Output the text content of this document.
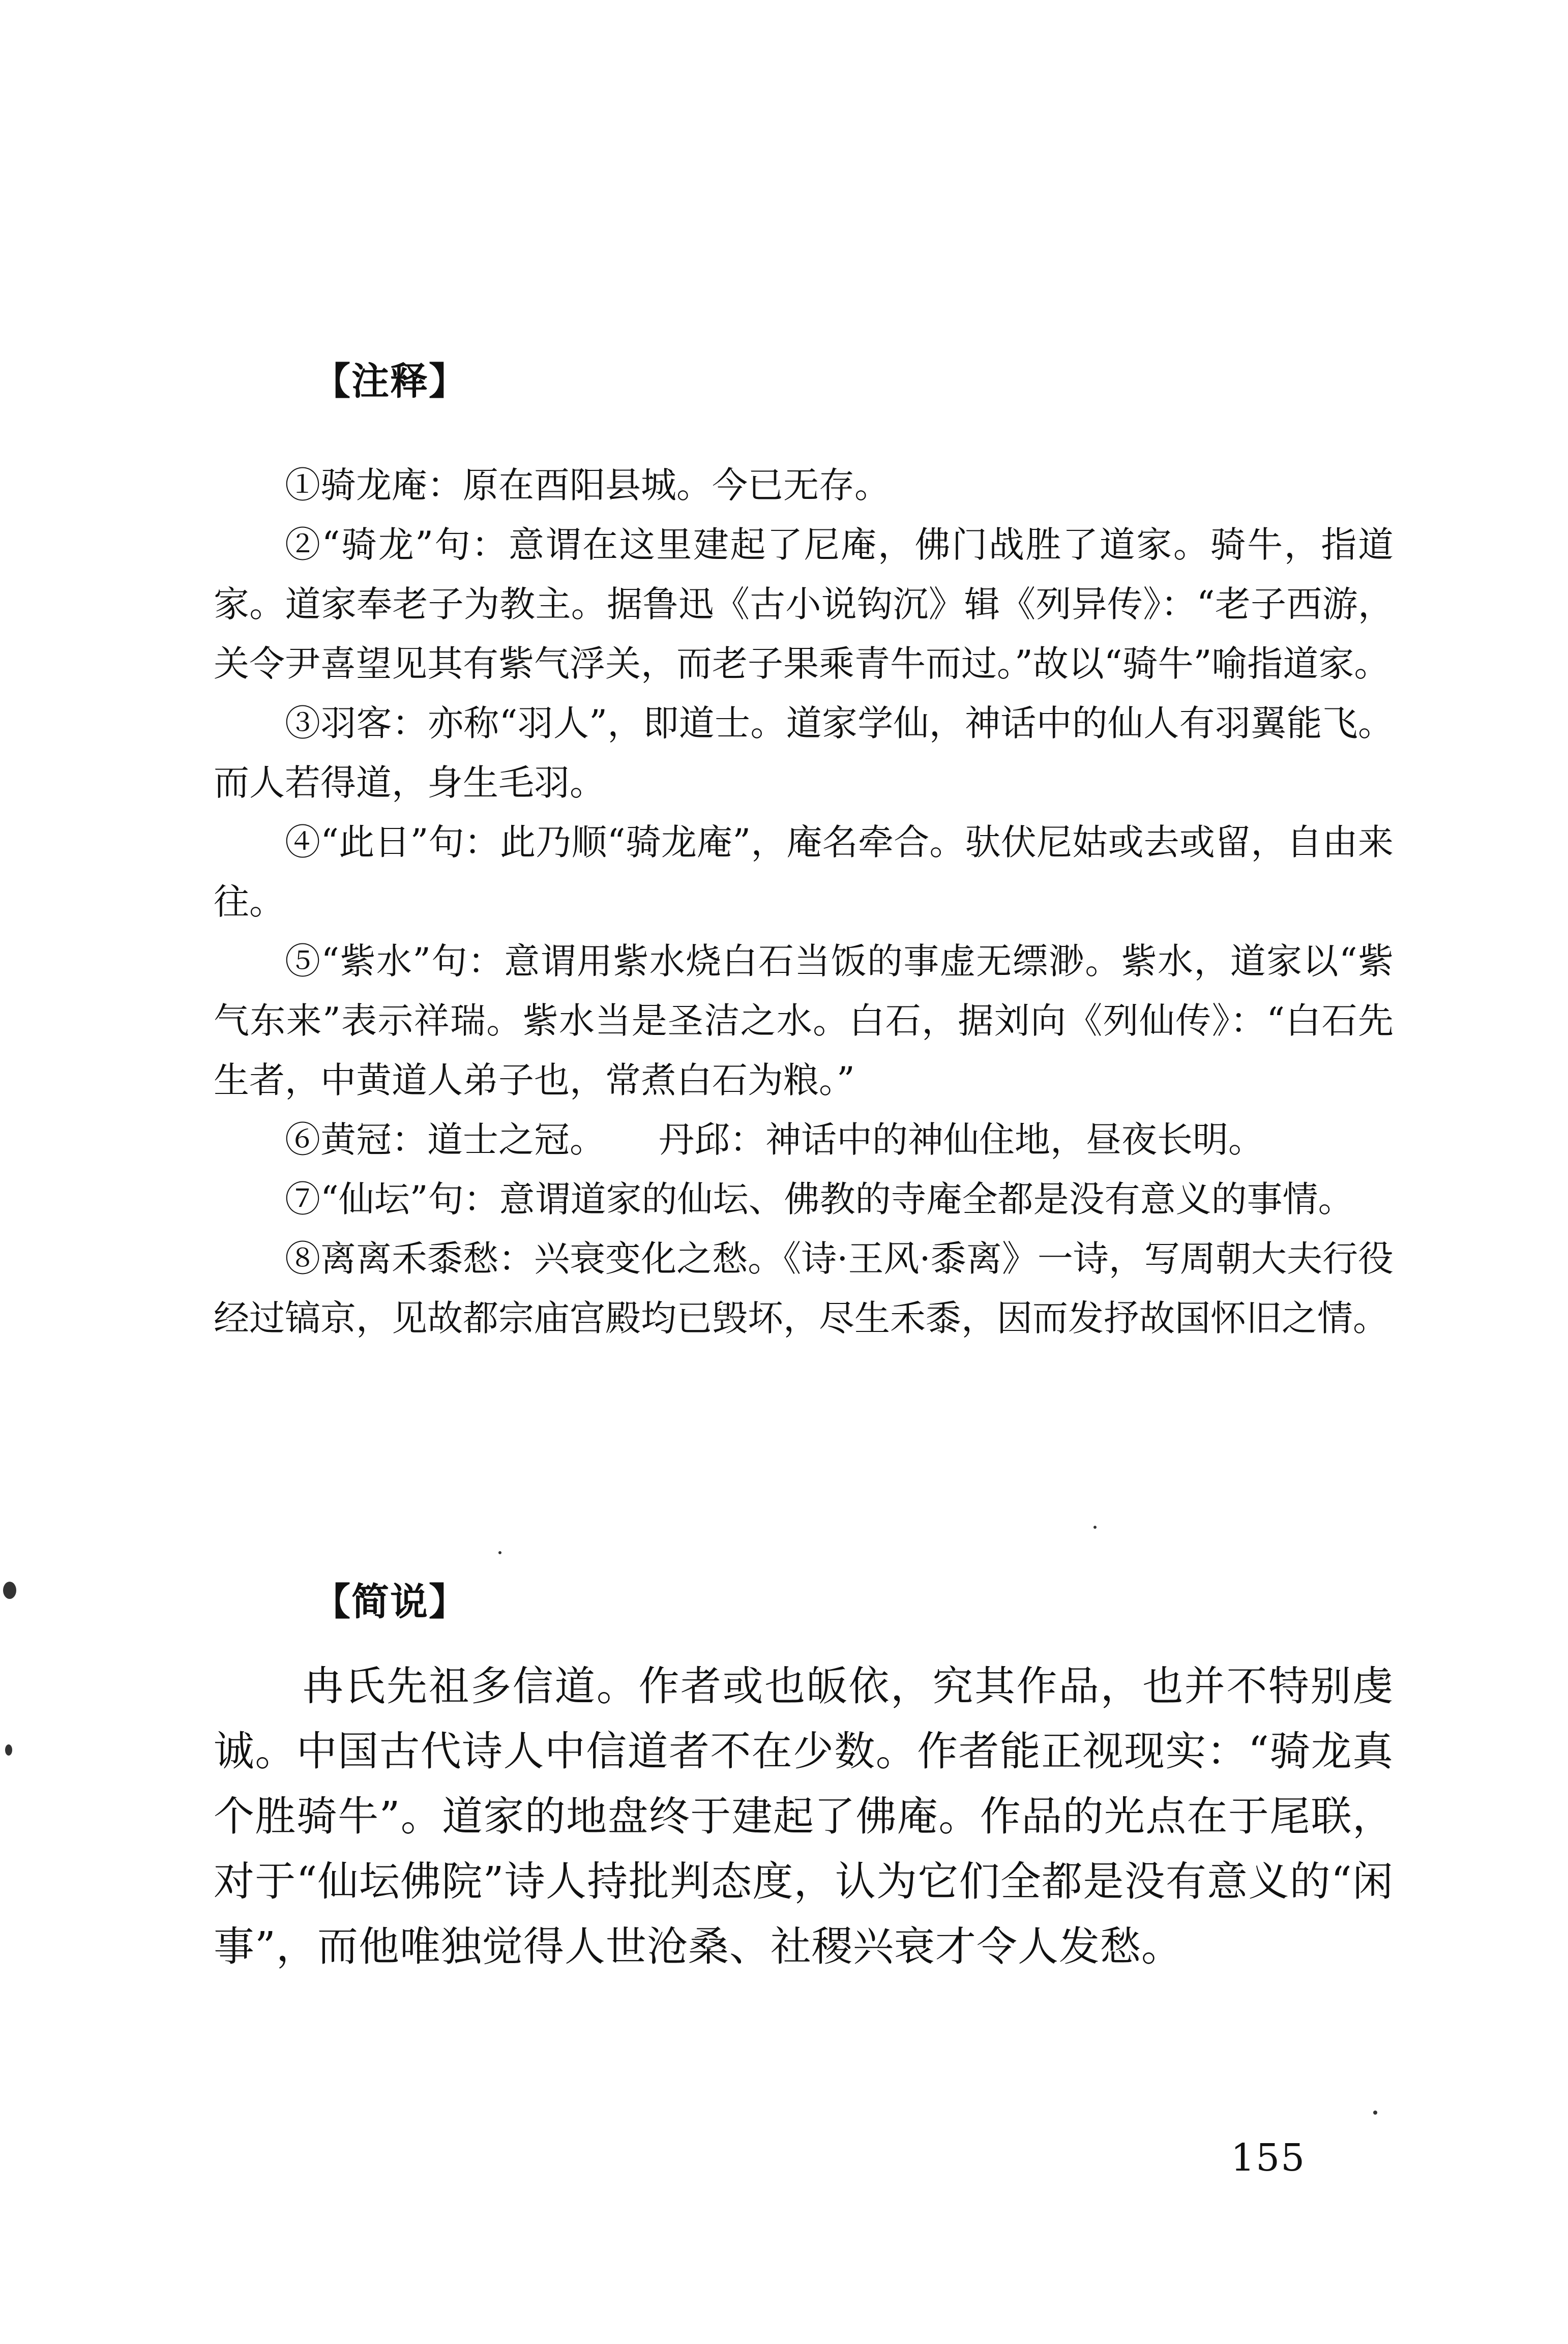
【注释】

①骑龙庵：原在酉阳县城。今已无存。

②“骑龙”句：意谓在这里建起了尼庵，佛门战胜了道家。骑牛，指道家。道家奉老子为教主。据鲁迅《古小说钩沉》辑《列异传》：“老子西游，关令尹喜望见其有紫气浮关，而老子果乘青牛而过。”故以“骑牛”喻指道家。

③羽客：亦称“羽人”，即道士。道家学仙，神话中的仙人有羽翼能飞。而人若得道，身生毛羽。

④“此日”句：此乃顺“骑龙庵”，庵名牵合。驮伏尼姑或去或留，自由来往。

⑤“紫水”句：意谓用紫水烧白石当饭的事虚无缥渺。紫水，道家以“紫气东来”表示祥瑞。紫水当是圣洁之水。白石，据刘向《列仙传》：“白石先生者，中黄道人弟子也，常煮白石为粮。”

⑥黄冠：道士之冠。　　丹邱：神话中的神仙住地，昼夜长明。

⑦“仙坛”句：意谓道家的仙坛、佛教的寺庵全都是没有意义的事情。

⑧离离禾黍愁：兴衰变化之愁。《诗·王风·黍离》一诗，写周朝大夫行役经过镐京，见故都宗庙宫殿均已毁坏，尽生禾黍，因而发抒故国怀旧之情。

【简说】

冉氏先祖多信道。作者或也皈依，究其作品，也并不特别虔诚。中国古代诗人中信道者不在少数。作者能正视现实：“骑龙真个胜骑牛”。道家的地盘终于建起了佛庵。作品的光点在于尾联，对于“仙坛佛院”诗人持批判态度，认为它们全都是没有意义的“闲事”，而他唯独觉得人世沧桑、社稷兴衰才令人发愁。

155
